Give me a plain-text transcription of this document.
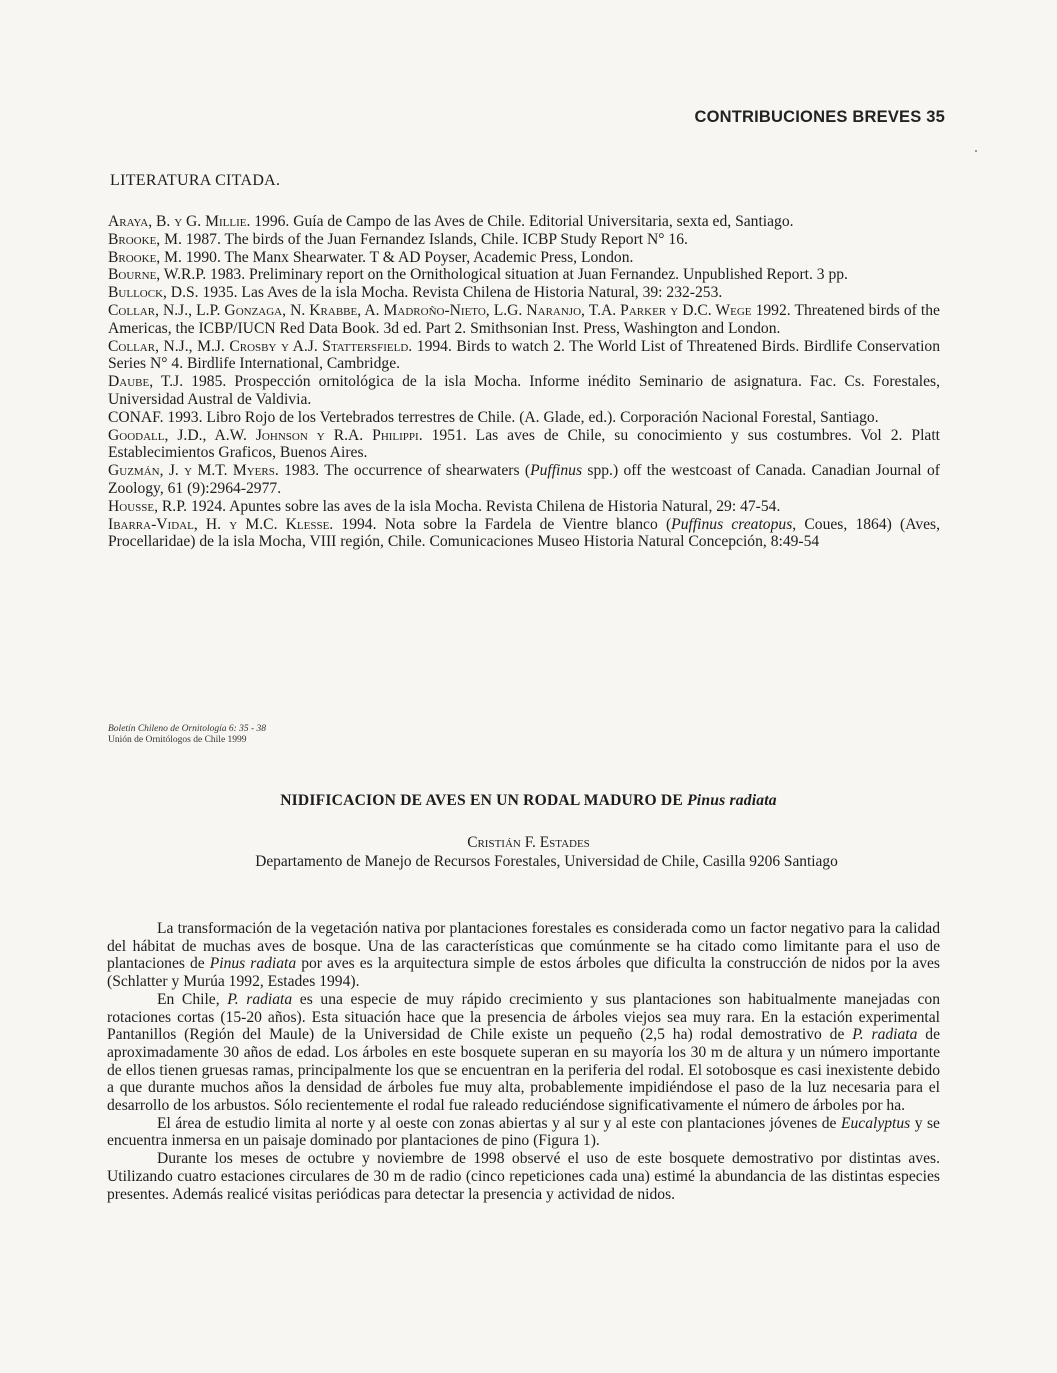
CONTRIBUCIONES BREVES 35
LITERATURA CITADA.

Araya, B. y G. Millie. 1996. Guía de Campo de las Aves de Chile. Editorial Universitaria, sexta ed, Santiago.

Brooke, M. 1987. The birds of the Juan Fernandez Islands, Chile. ICBP Study Report N° 16.

Brooke, M. 1990. The Manx Shearwater. T & AD Poyser, Academic Press, London.

Bourne, W.R.P. 1983. Preliminary report on the Ornithological situation at Juan Fernandez. Unpublished Report. 3 pp.

Bullock, D.S. 1935. Las Aves de la isla Mocha. Revista Chilena de Historia Natural, 39: 232-253.

Collar, N.J., L.P. Gonzaga, N. Krabbe, A. Madroño-Nieto, L.G. Naranjo, T.A. Parker y D.C. Wege 1992. Threatened birds of the Americas, the ICBP/IUCN Red Data Book. 3d ed. Part 2. Smithsonian Inst. Press, Washington and London.

Collar, N.J., M.J. Crosby y A.J. Stattersfield. 1994. Birds to watch 2. The World List of Threatened Birds. Birdlife Conservation Series N° 4. Birdlife International, Cambridge.

Daube, T.J. 1985. Prospección ornitológica de la isla Mocha. Informe inédito Seminario de asignatura. Fac. Cs. Forestales, Universidad Austral de Valdivia.

CONAF. 1993. Libro Rojo de los Vertebrados terrestres de Chile. (A. Glade, ed.). Corporación Nacional Forestal, Santiago.

Goodall, J.D., A.W. Johnson y R.A. Philippi. 1951. Las aves de Chile, su conocimiento y sus costumbres. Vol 2. Platt Establecimientos Graficos, Buenos Aires.

Guzmán, J. y M.T. Myers. 1983. The occurrence of shearwaters (Puffinus spp.) off the westcoast of Canada. Canadian Journal of Zoology, 61 (9):2964-2977.

Housse, R.P. 1924. Apuntes sobre las aves de la isla Mocha. Revista Chilena de Historia Natural, 29: 47-54.

Ibarra-Vidal, H. y M.C. Klesse. 1994. Nota sobre la Fardela de Vientre blanco (Puffinus creatopus, Coues, 1864) (Aves, Procellaridae) de la isla Mocha, VIII región, Chile. Comunicaciones Museo Historia Natural Concepción, 8:49-54

Boletín Chileno de Ornitología 6: 35 - 38
Unión de Ornitólogos de Chile 1999
NIDIFICACION DE AVES EN UN RODAL MADURO DE Pinus radiata
Cristián F. Estades
Departamento de Manejo de Recursos Forestales, Universidad de Chile, Casilla 9206 Santiago

La transformación de la vegetación nativa por plantaciones forestales es considerada como un factor negativo para la calidad del hábitat de muchas aves de bosque. Una de las características que comúnmente se ha citado como limitante para el uso de plantaciones de Pinus radiata por aves es la arquitectura simple de estos árboles que dificulta la construcción de nidos por la aves (Schlatter y Murúa 1992, Estades 1994).

En Chile, P. radiata es una especie de muy rápido crecimiento y sus plantaciones son habitualmente manejadas con rotaciones cortas (15-20 años). Esta situación hace que la presencia de árboles viejos sea muy rara. En la estación experimental Pantanillos (Región del Maule) de la Universidad de Chile existe un pequeño (2,5 ha) rodal demostrativo de P. radiata de aproximadamente 30 años de edad. Los árboles en este bosquete superan en su mayoría los 30 m de altura y un número importante de ellos tienen gruesas ramas, principalmente los que se encuentran en la periferia del rodal. El sotobosque es casi inexistente debido a que durante muchos años la densidad de árboles fue muy alta, probablemente impidiéndose el paso de la luz necesaria para el desarrollo de los arbustos. Sólo recientemente el rodal fue raleado reduciéndose significativamente el número de árboles por ha.

El área de estudio limita al norte y al oeste con zonas abiertas y al sur y al este con plantaciones jóvenes de Eucalyptus y se encuentra inmersa en un paisaje dominado por plantaciones de pino (Figura 1).

Durante los meses de octubre y noviembre de 1998 observé el uso de este bosquete demostrativo por distintas aves. Utilizando cuatro estaciones circulares de 30 m de radio (cinco repeticiones cada una) estimé la abundancia de las distintas especies presentes. Además realicé visitas periódicas para detectar la presencia y actividad de nidos.
